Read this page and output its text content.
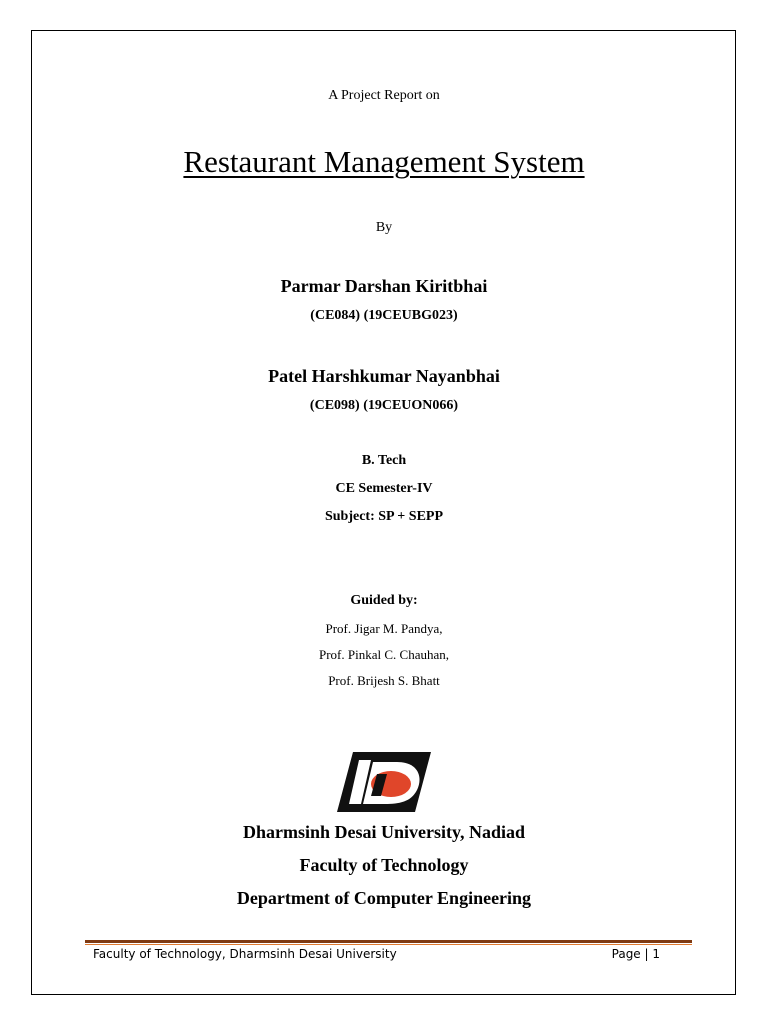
A Project Report on
Restaurant Management System
By
Parmar Darshan Kiritbhai
(CE084) (19CEUBG023)
Patel Harshkumar Nayanbhai
(CE098) (19CEUON066)
B. Tech
CE Semester-IV
Subject: SP + SEPP
Guided by:
Prof. Jigar M. Pandya,
Prof. Pinkal C. Chauhan,
Prof. Brijesh S. Bhatt
Dharmsinh Desai University, Nadiad
Faculty of Technology
Department of Computer Engineering
Faculty of Technology, Dharmsinh Desai University	Page | 1
